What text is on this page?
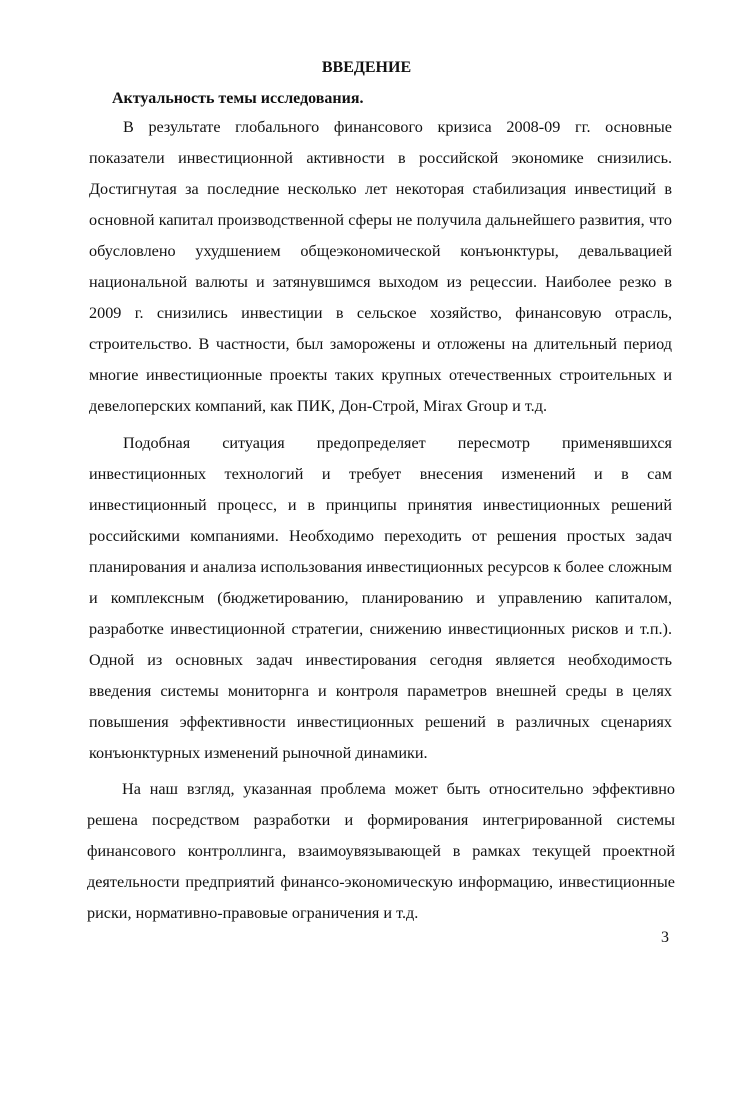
ВВЕДЕНИЕ
Актуальность темы исследования.

В результате глобального финансового кризиса 2008-09 гг. основные показатели инвестиционной активности в российской экономике снизились. Достигнутая за последние несколько лет некоторая стабилизация инвестиций в основной капитал производственной сферы не получила дальнейшего развития, что обусловлено ухудшением общеэкономической конъюнктуры, девальвацией национальной валюты и затянувшимся выходом из рецессии. Наиболее резко в 2009 г. снизились инвестиции в сельское хозяйство, финансовую отрасль, строительство. В частности, был заморожены и отложены на длительный период многие инвестиционные проекты таких крупных отечественных строительных и девелоперских компаний, как ПИК, Дон-Строй, Mirax Group и т.д.

Подобная ситуация предопределяет пересмотр применявшихся инвестиционных технологий и требует внесения изменений и в сам инвестиционный процесс, и в принципы принятия инвестиционных решений российскими компаниями. Необходимо переходить от решения простых задач планирования и анализа использования инвестиционных ресурсов к более сложным и комплексным (бюджетированию, планированию и управлению капиталом, разработке инвестиционной стратегии, снижению инвестиционных рисков и т.п.). Одной из основных задач инвестирования сегодня является необходимость введения системы мониторнга и контроля параметров внешней среды в целях повышения эффективности инвестиционных решений в различных сценариях конъюнктурных изменений рыночной динамики.

На наш взгляд, указанная проблема может быть относительно эффективно решена посредством разработки и формирования интегрированной системы финансового контроллинга, взаимоувязывающей в рамках текущей проектной деятельности предприятий финансо-экономическую информацию, инвестиционные риски, нормативно-правовые ограничения и т.д.

3
